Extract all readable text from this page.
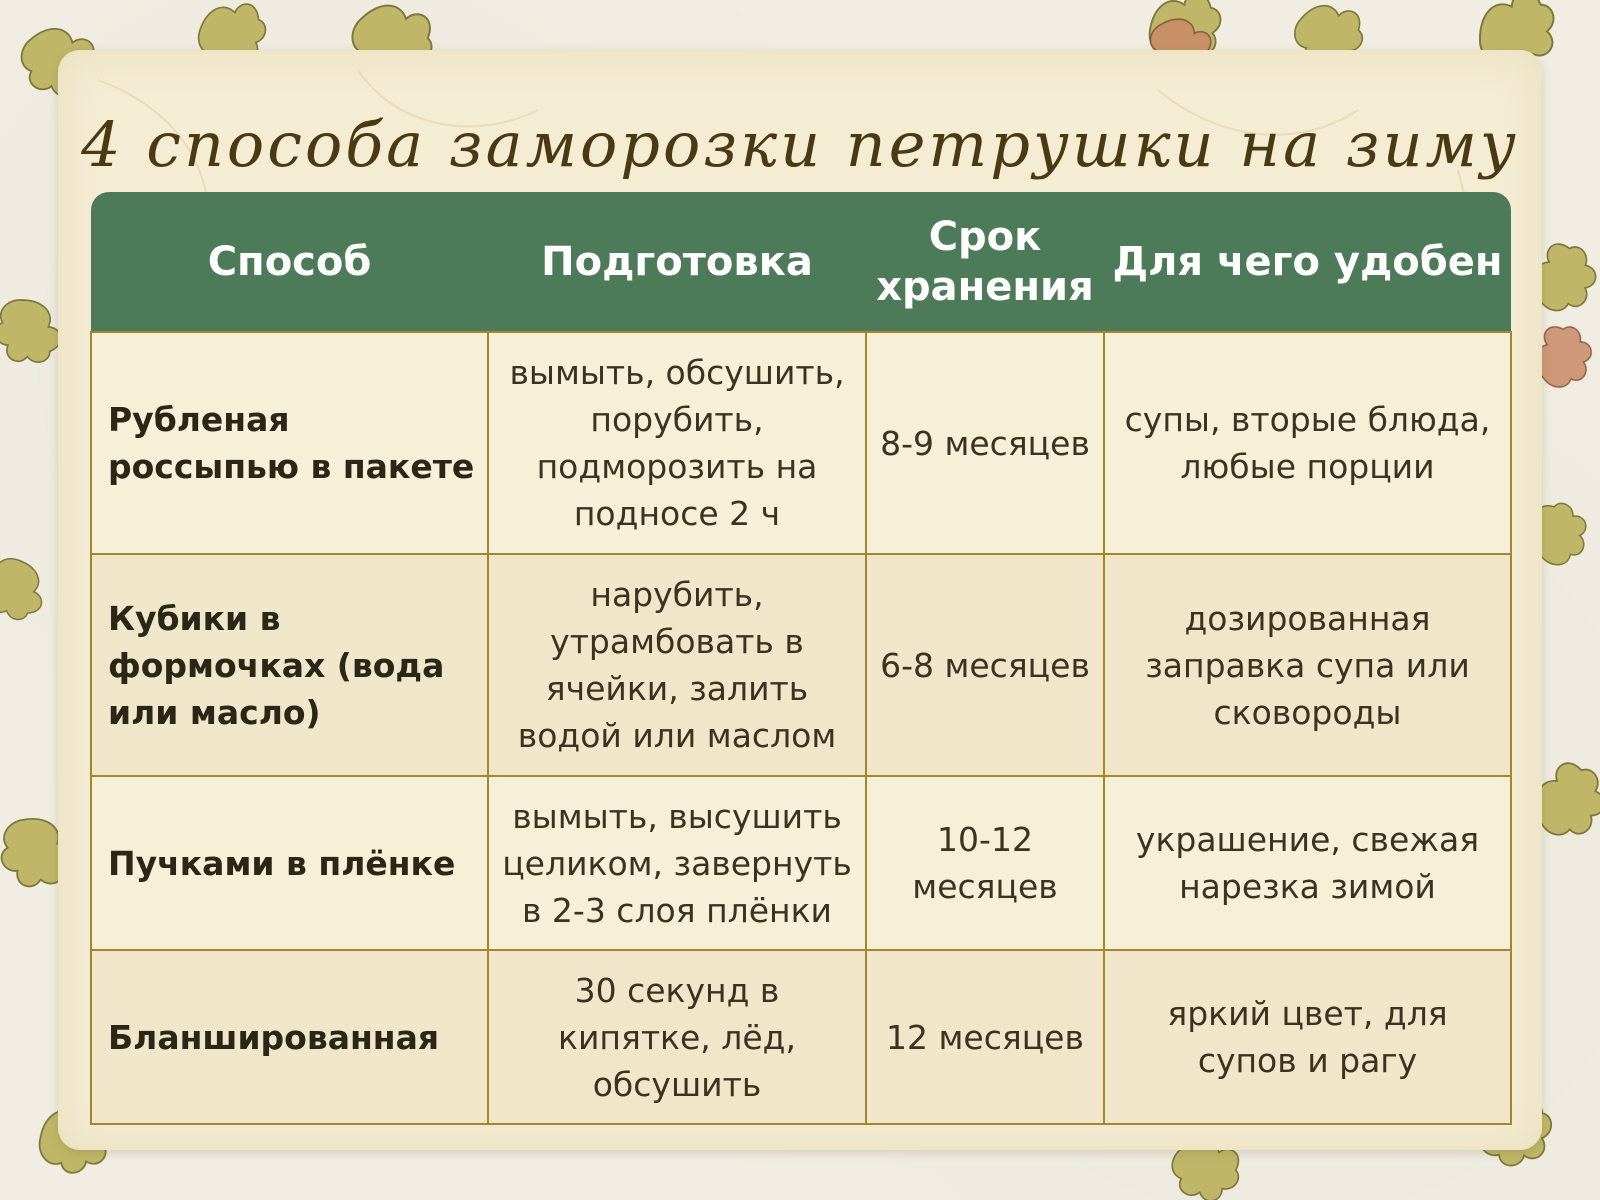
4 способа заморозки петрушки на зиму
Способ	Подготовка	Срок хранения	Для чего удобен
Рубленая россыпью в пакете	вымыть, обсушить, порубить, подморозить на подносе 2 ч	8-9 месяцев	супы, вторые блюда, любые порции
Кубики в формочках (вода или масло)	нарубить, утрамбовать в ячейки, залить водой или маслом	6-8 месяцев	дозированная заправка супа или сковороды
Пучками в плёнке	вымыть, высушить целиком, завернуть в 2-3 слоя плёнки	10-12 месяцев	украшение, свежая нарезка зимой
Бланшированная	30 секунд в кипятке, лёд, обсушить	12 месяцев	яркий цвет, для супов и рагу
